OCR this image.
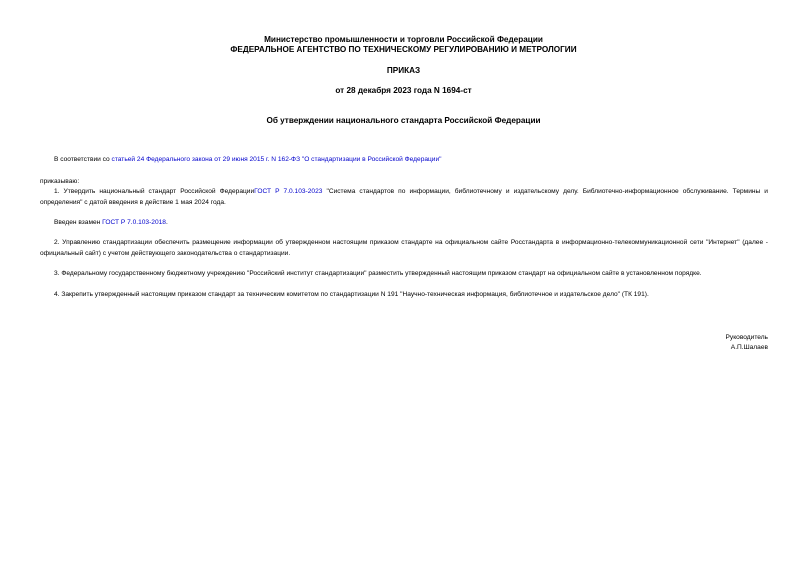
Министерство промышленности и торговли Российской Федерации
ФЕДЕРАЛЬНОЕ АГЕНТСТВО ПО ТЕХНИЧЕСКОМУ РЕГУЛИРОВАНИЮ И МЕТРОЛОГИИ
ПРИКАЗ
от 28 декабря 2023 года N 1694-ст
Об утверждении национального стандарта Российской Федерации
В соответствии со статьей 24 Федерального закона от 29 июня 2015 г. N 162-ФЗ "О стандартизации в Российской Федерации"
приказываю:
1. Утвердить национальный стандарт Российской ФедерацииГОСТ Р 7.0.103-2023 "Система стандартов по информации, библиотечному и издательскому делу. Библиотечно-информационное обслуживание. Термины и определения" с датой введения в действие 1 мая 2024 года.
Введен взамен ГОСТ Р 7.0.103-2018.
2. Управлению стандартизации обеспечить размещение информации об утвержденном настоящим приказом стандарте на официальном сайте Росстандарта в информационно-телекоммуникационной сети "Интернет" (далее - официальный сайт) с учетом действующего законодательства о стандартизации.
3. Федеральному государственному бюджетному учреждению "Российский институт стандартизации" разместить утвержденный настоящим приказом стандарт на официальном сайте в установленном порядке.
4. Закрепить утвержденный настоящим приказом стандарт за техническим комитетом по стандартизации N 191 "Научно-техническая информация, библиотечное и издательское дело" (ТК 191).
Руководитель
А.П.Шалаев
